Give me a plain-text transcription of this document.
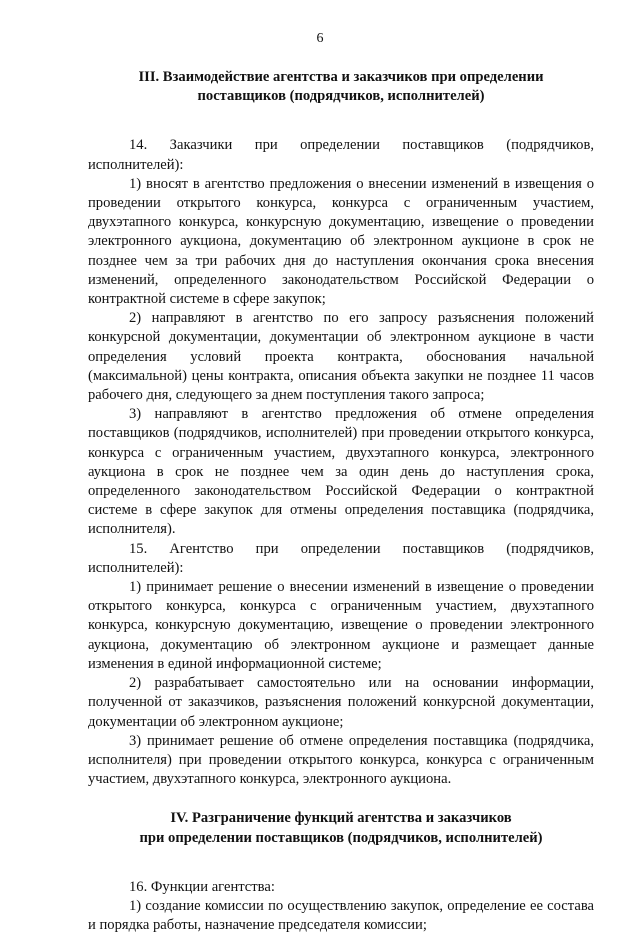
6
III. Взаимодействие агентства и заказчиков при определении
поставщиков (подрядчиков, исполнителей)

14. Заказчики при определении поставщиков (подрядчиков, исполнителей):

1) вносят в агентство предложения о внесении изменений в извещения о проведении открытого конкурса, конкурса с ограниченным участием, двухэтапного конкурса, конкурсную документацию, извещение о проведении электронного аукциона, документацию об электронном аукционе в срок не позднее чем за три рабочих дня до наступления окончания срока внесения изменений, определенного законодательством Российской Федерации о контрактной системе в сфере закупок;

2) направляют в агентство по его запросу разъяснения положений конкурсной документации, документации об электронном аукционе в части определения условий проекта контракта, обоснования начальной (максимальной) цены контракта, описания объекта закупки не позднее 11 часов рабочего дня, следующего за днем поступления такого запроса;

3) направляют в агентство предложения об отмене определения поставщиков (подрядчиков, исполнителей) при проведении открытого конкурса, конкурса с ограниченным участием, двухэтапного конкурса, электронного аукциона в срок не позднее чем за один день до наступления срока, определенного законодательством Российской Федерации о контрактной системе в сфере закупок для отмены определения поставщика (подрядчика, исполнителя).

15. Агентство при определении поставщиков (подрядчиков, исполнителей):

1) принимает решение о внесении изменений в извещение о проведении открытого конкурса, конкурса с ограниченным участием, двухэтапного конкурса, конкурсную документацию, извещение о проведении электронного аукциона, документацию об электронном аукционе и размещает данные изменения в единой информационной системе;

2) разрабатывает самостоятельно или на основании информации, полученной от заказчиков, разъяснения положений конкурсной документации, документации об электронном аукционе;

3) принимает решение об отмене определения поставщика (подрядчика, исполнителя) при проведении открытого конкурса, конкурса с ограниченным участием, двухэтапного конкурса, электронного аукциона.

IV. Разграничение функций агентства и заказчиков
при определении поставщиков (подрядчиков, исполнителей)

16. Функции агентства:

1) создание комиссии по осуществлению закупок, определение ее состава и порядка работы, назначение председателя комиссии;
